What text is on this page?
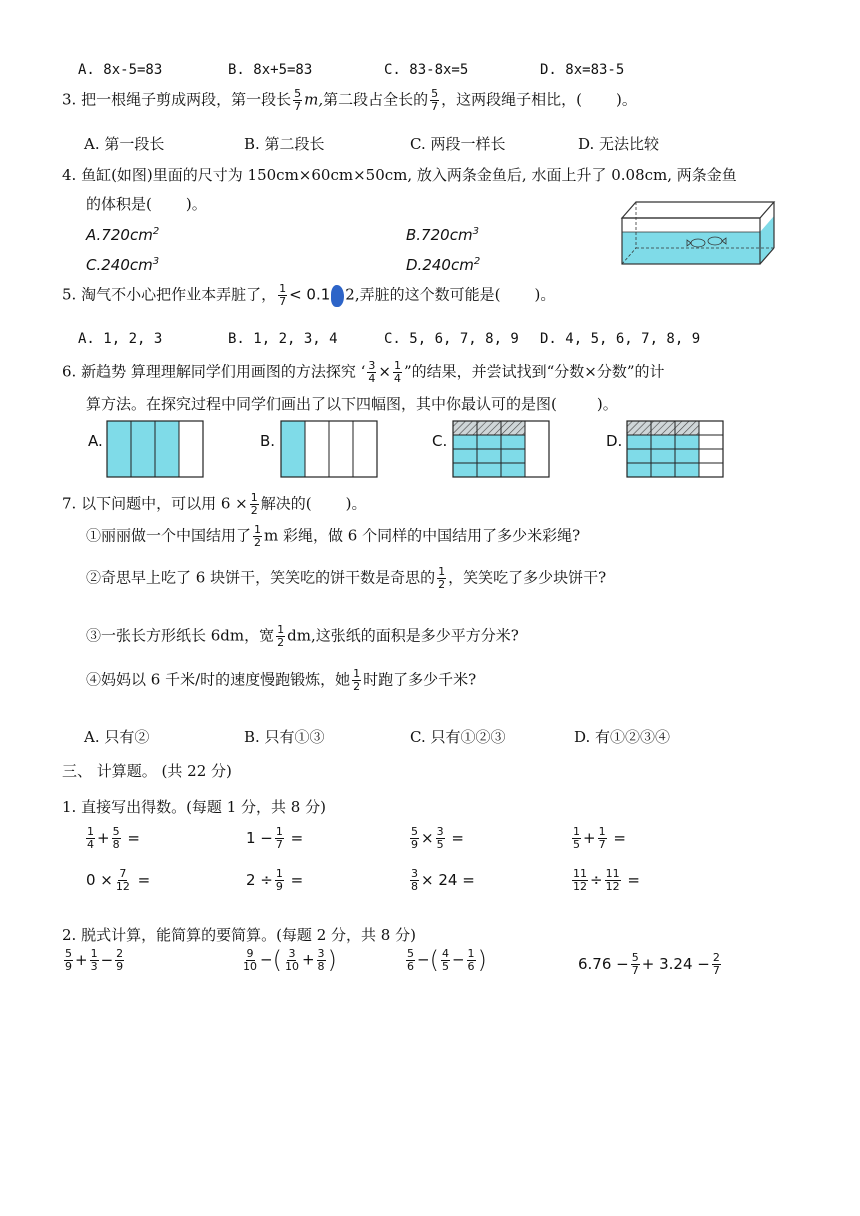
A. 8x-5=83	B. 8x+5=83	C. 83-8x=5	D. 8x=83-5
3. 把一根绳子剪成两段，第一段长 $\frac{5}{7} m$,第二段占全长的 $\frac{5}{7}$ ，这两段绳子相比，( )。
A. 第一段长	B. 第二段长	C. 两段一样长	D. 无法比较
4. 鱼缸(如图)里面的尺寸为 150cm×60cm×50cm, 放入两条金鱼后, 水面上升了 0.08cm, 两条金鱼
的体积是( )。
$A.720cm^2$	$B.720cm^3$
$C.240cm^3$	$D.240cm^2$
5. 淘气不小心把作业本弄脏了， $\frac{1}{7} < 0.1$ 2,弄脏的这个数可能是( )。
A. 1, 2, 3	B. 1, 2, 3, 4	C. 5, 6, 7, 8, 9 D. 4, 5, 6, 7, 8, 9
6. 新趋势 算理理解同学们用画图的方法探究 ‘ $\frac{3}{4} \times \frac{1}{4}$ ”的结果，并尝试找到“分数×分数”的计
算方法。在探究过程中同学们画出了以下四幅图，其中你最认可的是图(	)。
A.	B.	C.	D.
7. 以下问题中，可以用 $6 \times \frac{1}{2}$ 解决的( )。
①丽丽做一个中国结用了 $\frac{1}{2}$ m 彩绳，做 6 个同样的中国结用了多少米彩绳?
②奇思早上吃了 6 块饼干，笑笑吃的饼干数是奇思的 $\frac{1}{2}$ ，笑笑吃了多少块饼干?
③一张长方形纸长 6dm，宽 $\frac{1}{2}$ dm,这张纸的面积是多少平方分米?
④妈妈以 6 千米/时的速度慢跑锻炼，她 $\frac{1}{2}$ 时跑了多少千米?
A. 只有②	B. 只有①③	C. 只有①②③	D. 有①②③④
三、 计算题。 (共 22 分)
1. 直接写出得数。(每题 1 分，共 8 分)
$\frac{1}{4} + \frac{5}{8}$ =	$1 - \frac{1}{7}$ =	$\frac{5}{9} \times \frac{3}{5}$ =	$\frac{1}{5} + \frac{1}{7}$ =
$0 \times \frac{7}{12}$ =	$2 \div \frac{1}{9}$ =	$\frac{3}{8} \times 24$ =	$\frac{11}{12} \div \frac{11}{12}$ =
2. 脱式计算，能简算的要简算。(每题 2 分，共 8 分)
$\frac{5}{9} + \frac{1}{3} - \frac{2}{9}$	$\frac{9}{10}$ −( $\frac{3}{10} + \frac{3}{8}$ )	$\frac{5}{6}$ −( $\frac{4}{5} - \frac{1}{6}$ )	$6.76 - \frac{5}{7} + 3.24 - \frac{2}{7}$
